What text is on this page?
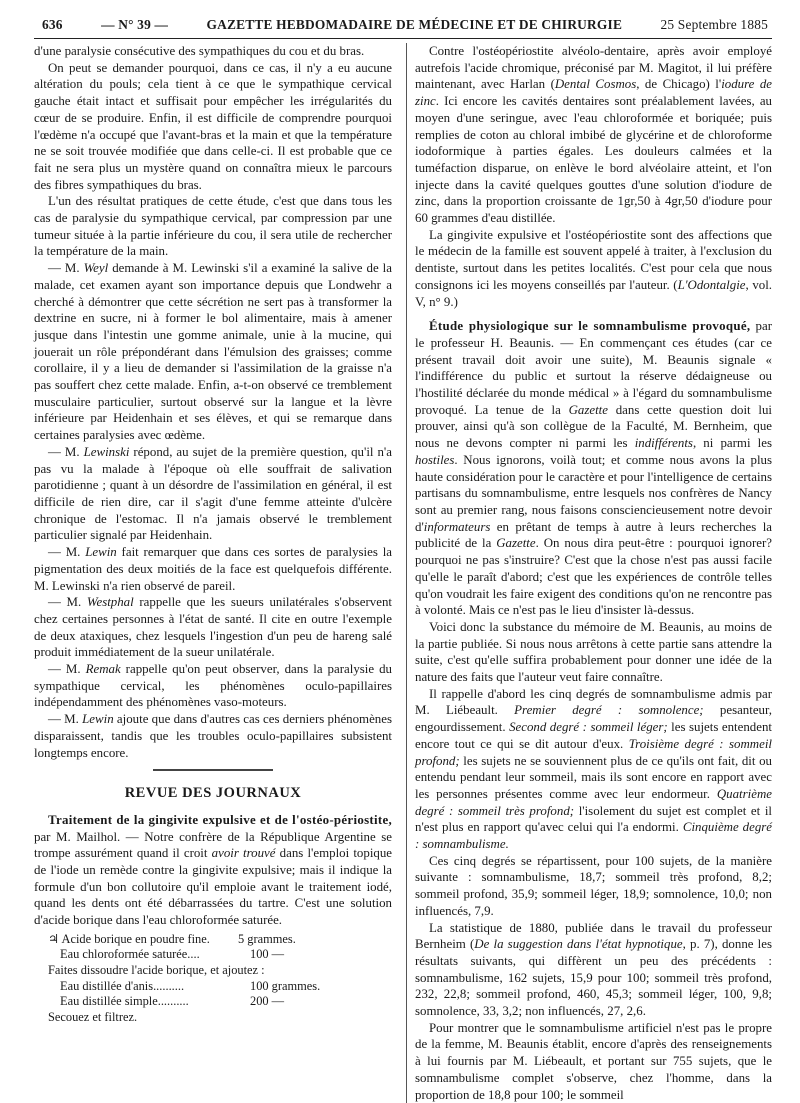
636	— N° 39 —	GAZETTE HEBDOMADAIRE DE MÉDECINE ET DE CHIRURGIE	25 Septembre 1885

d'une paralysie consécutive des sympathiques du cou et du bras.

On peut se demander pourquoi, dans ce cas, il n'y a eu aucune altération du pouls; cela tient à ce que le sympathique cervical gauche était intact et suffisait pour empêcher les irrégularités du cœur de se produire. Enfin, il est difficile de comprendre pourquoi l'œdème n'a occupé que l'avant-bras et la main et que la température ne se soit trouvée modifiée que dans celle-ci. Il est probable que ce fait ne sera plus un mystère quand on connaîtra mieux le parcours des fibres sympathiques du bras.

L'un des résultat pratiques de cette étude, c'est que dans tous les cas de paralysie du sympathique cervical, par compression par une tumeur située à la partie inférieure du cou, il sera utile de rechercher la température de la main.

— M. Weyl demande à M. Lewinski s'il a examiné la salive de la malade, cet examen ayant son importance depuis que Londwehr a cherché à démontrer que cette sécrétion ne sert pas à transformer la dextrine en sucre, ni à former le bol alimentaire, mais à amener jusque dans l'intestin une gomme animale, unie à la mucine, qui jouerait un rôle prépondérant dans l'émulsion des graisses; comme corollaire, il y a lieu de demander si l'assimilation de la graisse n'a pas souffert chez cette malade. Enfin, a-t-on observé ce tremblement musculaire particulier, surtout observé sur la langue et la lèvre inférieure par Heidenhain et ses élèves, et qui se remarque dans certaines paralysies avec œdème.

— M. Lewinski répond, au sujet de la première question, qu'il n'a pas vu la malade à l'époque où elle souffrait de salivation parotidienne ; quant à un désordre de l'assimilation en général, il est difficile de rien dire, car il s'agit d'une femme atteinte d'ulcère chronique de l'estomac. Il n'a jamais observé le tremblement particulier signalé par Heidenhain.

— M. Lewin fait remarquer que dans ces sortes de paralysies la pigmentation des deux moitiés de la face est quelquefois différente. M. Lewinski n'a rien observé de pareil.

— M. Westphal rappelle que les sueurs unilatérales s'observent chez certaines personnes à l'état de santé. Il cite en outre l'exemple de deux ataxiques, chez lesquels l'ingestion d'un peu de hareng salé produit immédiatement de la sueur unilatérale.

— M. Remak rappelle qu'on peut observer, dans la paralysie du sympathique cervical, les phénomènes oculo-papillaires indépendamment des phénomènes vaso-moteurs.

— M. Lewin ajoute que dans d'autres cas ces derniers phénomènes disparaissent, tandis que les troubles oculo-papillaires subsistent longtemps encore.

REVUE DES JOURNAUX

Traitement de la gingivite expulsive et de l'ostéo-périostite, par M. Mailhol. — Notre confrère de la République Argentine se trompe assurément quand il croit avoir trouvé dans l'emploi topique de l'iode un remède contre la gingivite expulsive; mais il indique la formule d'un bon collutoire qu'il emploie avant le traitement iodé, quand les dents ont été débarrassées du tartre. C'est une solution d'acide borique dans l'eau chloroformée saturée.

♃ Acide borique en poudre fine.	5 grammes.
Eau chloroformée saturée....	100 —
Faites dissoudre l'acide borique, et ajoutez :
Eau distillée d'anis..........	100 grammes.
Eau distillée simple..........	200 —
Secouez et filtrez.

Contre l'ostéopériostite alvéolo-dentaire, après avoir employé autrefois l'acide chromique, préconisé par M. Magitot, il lui préfère maintenant, avec Harlan (Dental Cosmos, de Chicago) l'iodure de zinc. Ici encore les cavités dentaires sont préalablement lavées, au moyen d'une seringue, avec l'eau chloroformée et boriquée; puis remplies de coton au chloral imbibé de glycérine et de chloroforme iodoformique à parties égales. Les douleurs calmées et la tuméfaction disparue, on enlève le bord alvéolaire atteint, et l'on injecte dans la cavité quelques gouttes d'une solution d'iodure de zinc, dans la proportion croissante de 1gr,50 à 4gr,50 d'iodure pour 60 grammes d'eau distillée.

La gingivite expulsive et l'ostéopériostite sont des affections que le médecin de la famille est souvent appelé à traiter, à l'exclusion du dentiste, surtout dans les petites localités. C'est pour cela que nous consignons ici les moyens conseillés par l'auteur. (L'Odontalgie, vol. V, n° 9.)

Étude physiologique sur le somnambulisme provoqué, par le professeur H. Beaunis. — En commençant ces études (car ce présent travail doit avoir une suite), M. Beaunis signale « l'indifférence du public et surtout la réserve dédaigneuse ou l'hostilité déclarée du monde médical » à l'égard du somnambulisme provoqué. La tenue de la Gazette dans cette question doit lui prouver, ainsi qu'à son collègue de la Faculté, M. Bernheim, que nous ne devons compter ni parmi les indifférents, ni parmi les hostiles. Nous ignorons, voilà tout; et comme nous avons la plus haute considération pour le caractère et pour l'intelligence de certains partisans du somnambulisme, entre lesquels nos confrères de Nancy sont au premier rang, nous faisons consciencieusement notre devoir d'informateurs en prêtant de temps à autre à leurs recherches la publicité de la Gazette. On nous dira peut-être : pourquoi ignorer? pourquoi ne pas s'instruire? C'est que la chose n'est pas aussi facile qu'elle le paraît d'abord; c'est que les expériences de contrôle telles qu'on voudrait les faire exigent des conditions qu'on ne rencontre pas à volonté. Mais ce n'est pas le lieu d'insister là-dessus.

Voici donc la substance du mémoire de M. Beaunis, au moins de la partie publiée. Si nous nous arrêtons à cette partie sans attendre la suite, c'est qu'elle suffira probablement pour donner une idée de la nature des faits que l'auteur veut faire connaître.

Il rappelle d'abord les cinq degrés de somnambulisme admis par M. Liébeault. Premier degré : somnolence; pesanteur, engourdissement. Second degré : sommeil léger; les sujets entendent encore tout ce qui se dit autour d'eux. Troisième degré : sommeil profond; les sujets ne se souviennent plus de ce qu'ils ont fait, dit ou entendu pendant leur sommeil, mais ils sont encore en rapport avec les personnes présentes comme avec leur endormeur. Quatrième degré : sommeil très profond; l'isolement du sujet est complet et il n'est plus en rapport qu'avec celui qui l'a endormi. Cinquième degré : somnambulisme.

Ces cinq degrés se répartissent, pour 100 sujets, de la manière suivante : somnambulisme, 18,7; sommeil très profond, 8,2; sommeil profond, 35,9; sommeil léger, 18,9; somnolence, 10,0; non influencés, 7,9.

La statistique de 1880, publiée dans le travail du professeur Bernheim (De la suggestion dans l'état hypnotique, p. 7), donne les résultats suivants, qui diffèrent un peu des précédents : somnambulisme, 162 sujets, 15,9 pour 100; sommeil très profond, 232, 22,8; sommeil profond, 460, 45,3; sommeil léger, 100, 9,8; somnolence, 33, 3,2; non influencés, 27, 2,6.

Pour montrer que le somnambulisme artificiel n'est pas le propre de la femme, M. Beaunis établit, encore d'après des renseignements à lui fournis par M. Liébeault, et portant sur 755 sujets, que le somnambulisme complet s'observe, chez l'homme, dans la proportion de 18,8 pour 100; le sommeil
